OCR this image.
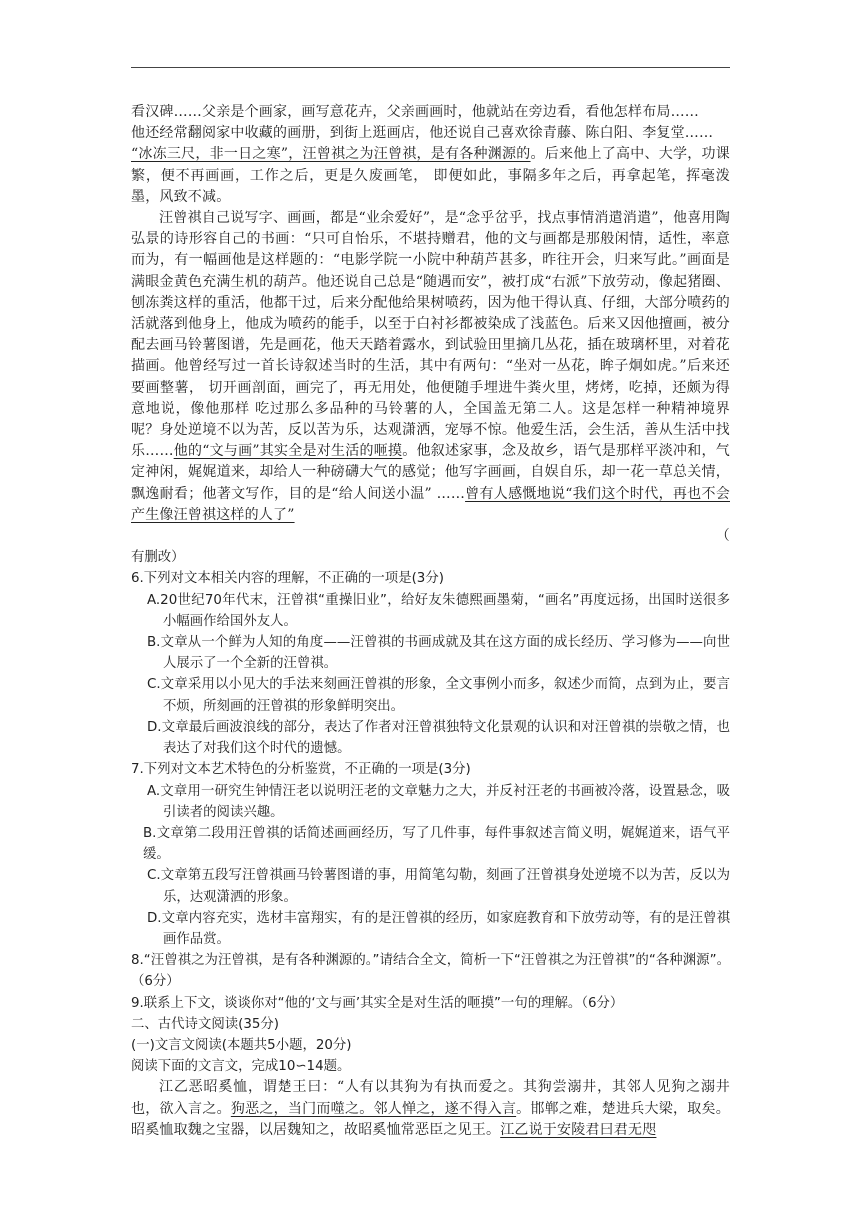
看汉碑……父亲是个画家，画写意花卉，父亲画画时，他就站在旁边看，看他怎样布局……
他还经常翻阅家中收藏的画册，到街上逛画店，他还说自己喜欢徐青藤、陈白阳、李复堂……
“冰冻三尺，非一日之寒”，汪曾祺之为汪曾祺，是有各种渊源的。后来他上了高中、大学，功课繁，便不再画画，工作之后，更是久废画笔， 即便如此，事隔多年之后，再拿起笔，挥毫泼墨，风致不减。

汪曾祺自己说写字、画画，都是“业余爱好”，是“念乎岔乎，找点事情消遣消遣”，他喜用陶弘景的诗形容自己的书画：“只可自怡乐，不堪持赠君，他的文与画都是那般闲情，适性，率意而为，有一幅画他是这样题的：“电影学院一小院中种葫芦甚多，昨往开会，归来写此。”画面是满眼金黄色充满生机的葫芦。他还说自己总是“随遇而安”，被打成“右派”下放劳动，像起猪圈、刨冻粪这样的重活，他都干过，后来分配他给果树喷药，因为他干得认真、仔细，大部分喷药的活就落到他身上，他成为喷药的能手，以至于白衬衫都被染成了浅蓝色。后来又因他擅画，被分配去画马铃薯图谱，先是画花，他天天踏着露水，到试验田里摘几丛花，插在玻璃杯里，对着花描画。他曾经写过一首长诗叙述当时的生活，其中有两句：“坐对一丛花，眸子炯如虎。”后来还要画整薯， 切开画剖面，画完了，再无用处，他便随手埋进牛粪火里，烤烤，吃掉，还颇为得意地说，像他那样 吃过那么多品种的马铃薯的人，全国盖无第二人。这是怎样一种精神境界呢？身处逆境不以为苦，反以苦为乐，达观潇洒，宠辱不惊。他爱生活，会生活，善从生活中找乐……他的“文与画”其实全是对生活的咂摸。他叙述家事，念及故乡，语气是那样平淡冲和，气定神闲，娓娓道来，却给人一种磅礴大气的感觉；他写字画画，自娱自乐，却一花一草总关情，飘逸耐看；他著文写作，目的是“给人间送小温” ……曾有人感慨地说“我们这个时代，再也不会产生像汪曾祺这样的人了”

（

有删改）

6.下列对文本相关内容的理解，不正确的一项是(3分)

A.20世纪70年代末，汪曾祺“重操旧业”，给好友朱德熙画墨菊，“画名”再度远扬，出国时送很多小幅画作给国外友人。

B.文章从一个鲜为人知的角度——汪曾祺的书画成就及其在这方面的成长经历、学习修为——向世人展示了一个全新的汪曾祺。

C.文章采用以小见大的手法来刻画汪曾祺的形象，全文事例小而多，叙述少而简，点到为止，要言不烦，所刻画的汪曾祺的形象鲜明突出。

D.文章最后画波浪线的部分，表达了作者对汪曾祺独特文化景观的认识和对汪曾祺的崇敬之情，也表达了对我们这个时代的遗憾。

7.下列对文本艺术特色的分析鉴赏，不正确的一项是(3分)

A.文章用一研究生钟情汪老以说明汪老的文章魅力之大，并反衬汪老的书画被冷落，设置悬念，吸引读者的阅读兴趣。

B.文章第二段用汪曾祺的话简述画画经历，写了几件事，每件事叙述言简义明，娓娓道来，语气平缓。

C.文章第五段写汪曾祺画马铃薯图谱的事，用简笔勾勒，刻画了汪曾祺身处逆境不以为苦，反以为乐，达观潇洒的形象。

D.文章内容充实，选材丰富翔实，有的是汪曾祺的经历，如家庭教育和下放劳动等，有的是汪曾祺画作品赏。

8.“汪曾祺之为汪曾祺，是有各种渊源的。”请结合全文，简析一下“汪曾祺之为汪曾祺”的“各种渊源”。（6分）

9.联系上下文，谈谈你对“他的‘文与画’其实全是对生活的咂摸”一句的理解。（6分）

二、古代诗文阅读(35分)

(一)文言文阅读(本题共5小题，20分)

阅读下面的文言文，完成10∽14题。

江乙恶昭奚恤，谓楚王曰：“人有以其狗为有执而爱之。其狗尝溺井，其邻人见狗之溺井也，欲入言之。狗恶之，当门而噬之。邻人惮之，遂不得入言。邯郸之难，楚进兵大梁，取矣。昭奚恤取魏之宝器，以居魏知之，故昭奚恤常恶臣之见王。江乙说于安陵君曰君无咫
